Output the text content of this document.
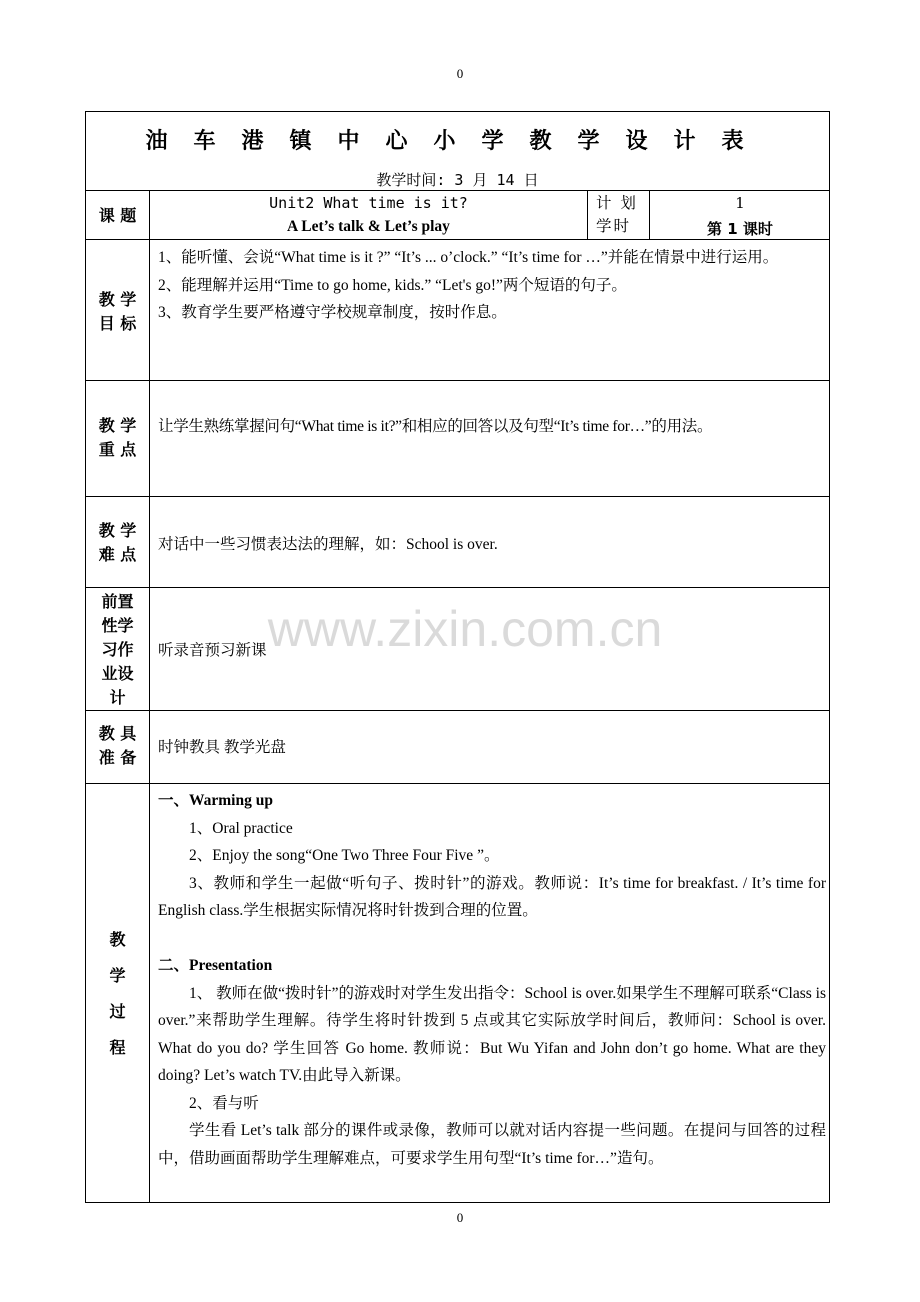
0
油车港镇中心小学教学设计表
教学时间: 3 月 14 日
课 题
Unit2 What time is it?
A Let’s talk & Let’s play
计 划 学时
1
第 1 课时
教 学 目 标

1、能听懂、会说“What time is it ?” “It’s ... o’clock.” “It’s time for …”并能在情景中进行运用。

2、能理解并运用“Time to go home, kids.” “Let's go!”两个短语的句子。

3、教育学生要严格遵守学校规章制度，按时作息。

教 学 重 点
让学生熟练掌握问句“What time is it?”和相应的回答以及句型“It’s time for…”的用法。
教 学 难 点
对话中一些习惯表达法的理解，如：School is over.
前置性学习作业设计
听录音预习新课
教 具 准 备
时钟教具 教学光盘
教 学 过 程

一、Warming up

1、Oral practice

2、Enjoy the song“One Two Three Four Five ”。

3、教师和学生一起做“听句子、拨时针”的游戏。教师说：It’s time for breakfast. / It’s time for English class.学生根据实际情况将时针拨到合理的位置。

二、Presentation

1、 教师在做“拨时针”的游戏时对学生发出指令：School is over.如果学生不理解可联系“Class is over.”来帮助学生理解。待学生将时针拨到 5 点或其它实际放学时间后，教师问：School is over. What do you do? 学生回答 Go home. 教师说：But Wu Yifan and John don’t go home. What are they doing? Let’s watch TV.由此导入新课。

2、看与听

学生看 Let’s talk 部分的课件或录像，教师可以就对话内容提一些问题。在提问与回答的过程中，借助画面帮助学生理解难点，可要求学生用句型“It’s time for…”造句。

www.zixin.com.cn
0
